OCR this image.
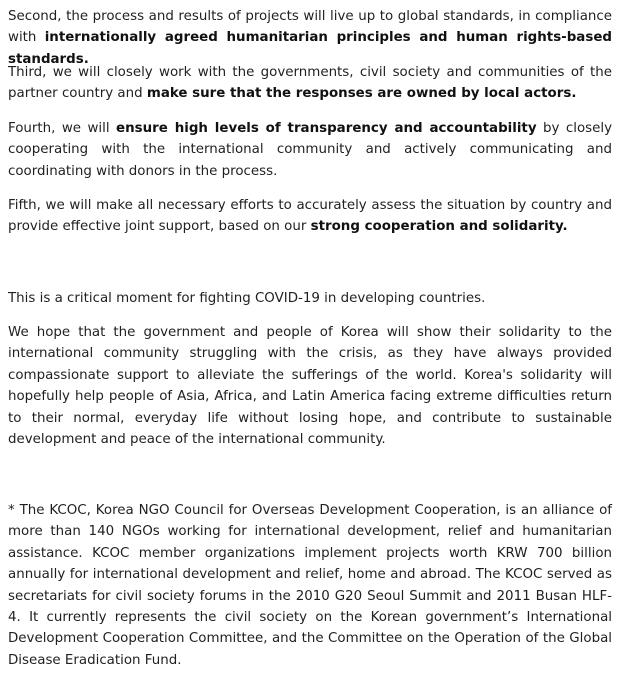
Second, the process and results of projects will live up to global standards, in compliance with internationally agreed humanitarian principles and human rights-based standards.

Third, we will closely work with the governments, civil society and communities of the partner country and make sure that the responses are owned by local actors.

Fourth, we will ensure high levels of transparency and accountability by closely cooperating with the international community and actively communicating and coordinating with donors in the process.

Fifth, we will make all necessary efforts to accurately assess the situation by country and provide effective joint support, based on our strong cooperation and solidarity.

This is a critical moment for fighting COVID-19 in developing countries.

We hope that the government and people of Korea will show their solidarity to the international community struggling with the crisis, as they have always provided compassionate support to alleviate the sufferings of the world. Korea's solidarity will hopefully help people of Asia, Africa, and Latin America facing extreme difficulties return to their normal, everyday life without losing hope, and contribute to sustainable development and peace of the international community.

* The KCOC, Korea NGO Council for Overseas Development Cooperation, is an alliance of more than 140 NGOs working for international development, relief and humanitarian assistance. KCOC member organizations implement projects worth KRW 700 billion annually for international development and relief, home and abroad. The KCOC served as secretariats for civil society forums in the 2010 G20 Seoul Summit and 2011 Busan HLF-4. It currently represents the civil society on the Korean government’s International Development Cooperation Committee, and the Committee on the Operation of the Global Disease Eradication Fund.
